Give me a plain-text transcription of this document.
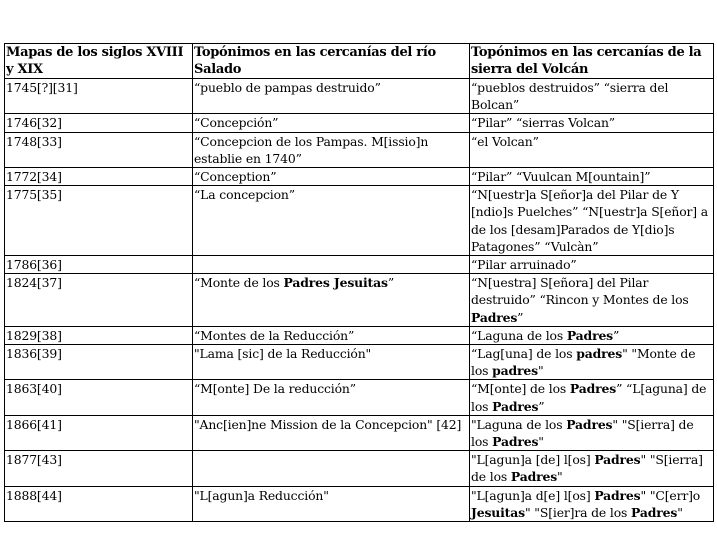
Mapas de los siglos XVIII y XIX	Topónimos en las cercanías del río Salado	Topónimos en las cercanías de la sierra del Volcán
1745[?][31]	“pueblo de pampas destruido”	“pueblos destruidos” “sierra del Bolcan”
1746[32]	“Concepción”	“Pilar” “sierras Volcan”
1748[33]	“Concepcion de los Pampas. M[issio]n establie en 1740”	“el Volcan”
1772[34]	“Conception”	“Pilar” “Vuulcan M[ountain]”
1775[35]	“La concepcion”	“N[uestr]a S[eñor]a del Pilar de Y [ndio]s Puelches” “N[uestr]a S[eñor] a de los [desam]Parados de Y[dio]s Patagones” “Vulcàn”
1786[36]		“Pilar arruinado”
1824[37]	“Monte de los Padres Jesuitas”	“N[uestra] S[eñora] del Pilar destruido” “Rincon y Montes de los Padres”
1829[38]	“Montes de la Reducción”	“Laguna de los Padres”
1836[39]	"Lama [sic] de la Reducción"	“Lag[una] de los padres" "Monte de los padres"
1863[40]	“M[onte] De la reducción”	“M[onte] de los Padres” “L[aguna] de los Padres”
1866[41]	"Anc[ien]ne Mission de la Concepcion" [42]	"Laguna de los Padres" "S[ierra] de los Padres"
1877[43]		"L[agun]a [de] l[os] Padres" "S[ierra] de los Padres"
1888[44]	"L[agun]a Reducción"	"L[agun]a d[e] l[os] Padres" "C[err]o Jesuitas" "S[ier]ra de los Padres"
